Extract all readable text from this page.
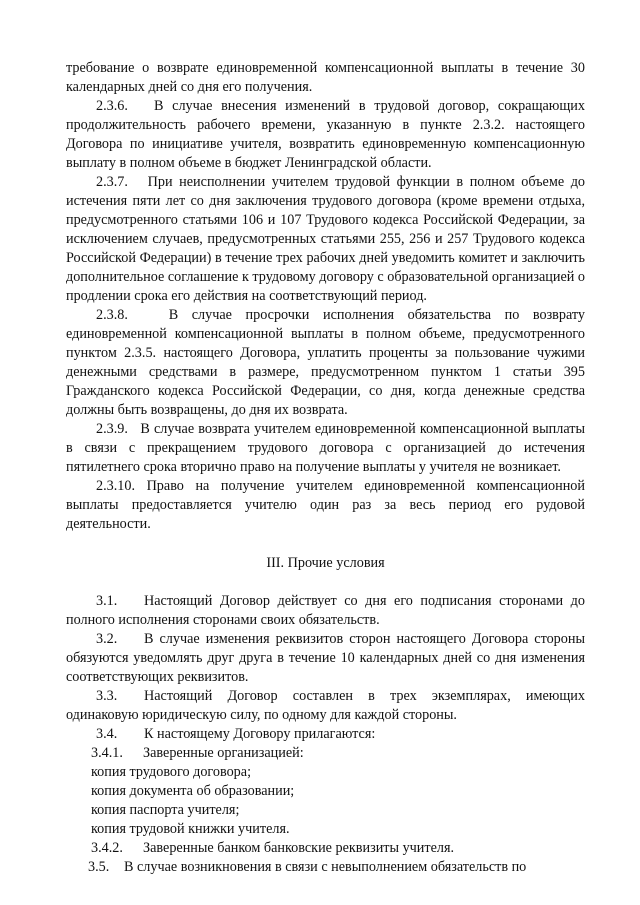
требование о возврате единовременной компенсационной выплаты в течение 30 календарных дней со дня его получения.

2.3.6. В случае внесения изменений в трудовой договор, сокращающих продолжительность рабочего времени, указанную в пункте 2.3.2. настоящего Договора по инициативе учителя, возвратить единовременную компенсационную выплату в полном объеме в бюджет Ленинградской области.

2.3.7. При неисполнении учителем трудовой функции в полном объеме до истечения пяти лет со дня заключения трудового договора (кроме времени отдыха, предусмотренного статьями 106 и 107 Трудового кодекса Российской Федерации, за исключением случаев, предусмотренных статьями 255, 256 и 257 Трудового кодекса Российской Федерации) в течение трех рабочих дней уведомить комитет и заключить дополнительное соглашение к трудовому договору с образовательной организацией о продлении срока его действия на соответствующий период.

2.3.8.	В случае просрочки исполнения обязательства по возврату единовременной компенсационной выплаты в полном объеме, предусмотренного пунктом 2.3.5. настоящего Договора, уплатить проценты за пользование чужими денежными средствами в размере, предусмотренном пунктом 1 статьи 395 Гражданского кодекса Российской Федерации, со дня, когда денежные средства должны быть возвращены, до дня их возврата.

2.3.9. В случае возврата учителем единовременной компенсационной выплаты в связи с прекращением трудового договора с организацией до истечения пятилетнего срока вторично право на получение выплаты у учителя не возникает.

2.3.10. Право на получение учителем единовременной компенсационной выплаты предоставляется учителю один раз за весь период его рудовой деятельности.

III. Прочие условия

3.1. Настоящий Договор действует со дня его подписания сторонами до полного исполнения сторонами своих обязательств.

3.2. В случае изменения реквизитов сторон настоящего Договора стороны обязуются уведомлять друг друга в течение 10 календарных дней со дня изменения соответствующих реквизитов.

3.3. Настоящий Договор составлен в трех экземплярах, имеющих одинаковую юридическую силу, по одному для каждой стороны.

3.4. К настоящему Договору прилагаются:

3.4.1. Заверенные организацией:

копия трудового договора;

копия документа об образовании;

копия паспорта учителя;

копия трудовой книжки учителя.

3.4.2. Заверенные банком банковские реквизиты учителя.

3.5. В случае возникновения в связи с невыполнением обязательств по
